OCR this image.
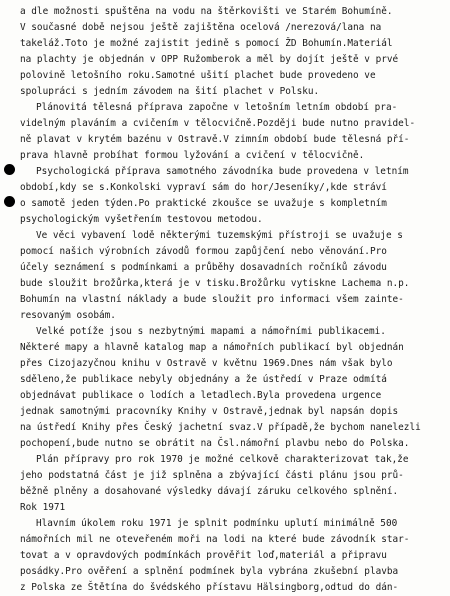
a dle možnosti spuštěna na vodu na štěrkovišti ve Starém Bohumíně.
V současné době nejsou ještě zajištěna ocelová /nerezová/lana na
takeláž.Toto je možné zajistit jedině s pomocí ŽD Bohumín.Materiál
na plachty je objednán v OPP Ružomberok a měl by dojít ještě v prvé
polovině letošního roku.Samotné ušití plachet bude provedeno ve
spolupráci s jedním závodem na šití plachet v Polsku.
Plánovitá tělesná příprava započne v letošním letním období pra-
videlným plaváním a cvičením v tělocvičně.Později bude nutno pravidel-
ně plavat v krytém bazénu v Ostravě.V zimním období bude tělesná pří-
prava hlavně probíhat formou lyžování a cvičení v tělocvičně.
Psychologická příprava samotného závodníka bude provedena v letním
období,kdy se s.Konkolski vypraví sám do hor/Jeseníky/,kde stráví
o samotě jeden týden.Po praktické zkoušce se uvažuje s kompletním
psychologickým vyšetřením testovou metodou.
Ve věci vybavení lodě některými tuzemskými přístroji se uvažuje s
pomocí našich výrobních závodů formou zapůjčení nebo věnování.Pro
účely seznámení s podmínkami a průběhy dosavadních ročníků závodu
bude sloužit brožůrka,která je v tisku.Brožůrku vytiskne Lachema n.p.
Bohumín na vlastní náklady a bude sloužit pro informaci všem zainte-
resovaným osobám.
Velké potíže jsou s nezbytnými mapami a námořními publikacemi.
Některé mapy a hlavně katalog map a námořních publikací byl objednán
přes Cizojazyčnou knihu v Ostravě v květnu 1969.Dnes nám však bylo
sděleno,že publikace nebyly objednány a že ústředí v Praze odmítá
objednávat publikace o lodích a letadlech.Byla provedena urgence
jednak samotnými pracovníky Knihy v Ostravě,jednak byl napsán dopis
na ústředí Knihy přes Český jachetní svaz.V případě,že bychom nanelezli
pochopení,bude nutno se obrátit na Čsl.námořní plavbu nebo do Polska.
Plán přípravy pro rok 1970 je možné celkově charakterizovat tak,že
jeho podstatná část je již splněna a zbývající části plánu jsou prů-
běžně plněny a dosahované výsledky dávají záruku celkového splnění.
Rok 1971
Hlavním úkolem roku 1971 je splnit podmínku uplutí minimálně 500
námořních mil ne oteveřeném moři na lodi na které bude závodník star-
tovat a v opravdových podmínkách prověřit loď,materiál a připravu
posádky.Pro ověření a splnění podmínek byla vybrána zkušební plavba
z Polska ze Štětína do švédského přístavu Hälsingborg,odtud do dán-
